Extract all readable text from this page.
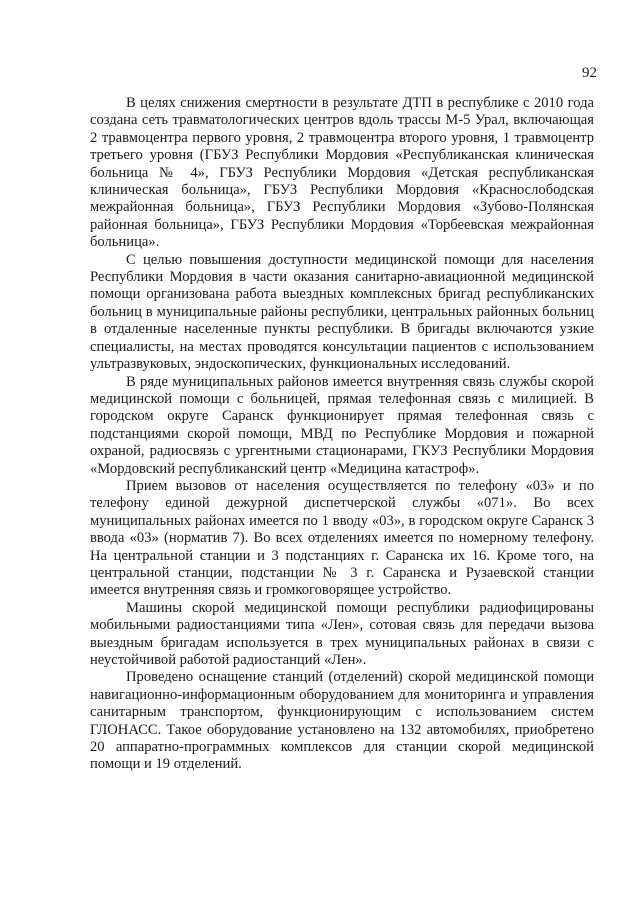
92

В целях снижения смертности в результате ДТП в республике с 2010 года создана сеть травматологических центров вдоль трассы М-5 Урал, включающая 2 травмоцентра первого уровня, 2 травмоцентра второго уровня, 1 травмоцентр третьего уровня (ГБУЗ Республики Мордовия «Республиканская клиническая больница № 4», ГБУЗ Республики Мордовия «Детская республиканская клиническая больница», ГБУЗ Республики Мордовия «Краснослободская межрайонная больница», ГБУЗ Республики Мордовия «Зубово-Полянская районная больница», ГБУЗ Республики Мордовия «Торбеевская межрайонная больница».

С целью повышения доступности медицинской помощи для населения Республики Мордовия в части оказания санитарно-авиационной медицинской помощи организована работа выездных комплексных бригад республиканских больниц в муниципальные районы республики, центральных районных больниц в отдаленные населенные пункты республики. В бригады включаются узкие специалисты, на местах проводятся консультации пациентов с использованием ультразвуковых, эндоскопических, функциональных исследований.

В ряде муниципальных районов имеется внутренняя связь службы скорой медицинской помощи с больницей, прямая телефонная связь с милицией. В городском округе Саранск функционирует прямая телефонная связь с подстанциями скорой помощи, МВД по Республике Мордовия и пожарной охраной, радиосвязь с ургентными стационарами, ГКУЗ Республики Мордовия «Мордовский республиканский центр «Медицина катастроф».

Прием вызовов от населения осуществляется по телефону «03» и по телефону единой дежурной диспетчерской службы «071». Во всех муниципальных районах имеется по 1 вводу «03», в городском округе Саранск 3 ввода «03» (норматив 7). Во всех отделениях имеется по номерному телефону. На центральной станции и 3 подстанциях г. Саранска их 16. Кроме того, на центральной станции, подстанции № 3 г. Саранска и Рузаевской станции имеется внутренняя связь и громкоговорящее устройство.

Машины скорой медицинской помощи республики радиофицированы мобильными радиостанциями типа «Лен», сотовая связь для передачи вызова выездным бригадам используется в трех муниципальных районах в связи с неустойчивой работой радиостанций «Лен».

Проведено оснащение станций (отделений) скорой медицинской помощи навигационно-информационным оборудованием для мониторинга и управления санитарным транспортом, функционирующим с использованием систем ГЛОНАСС. Такое оборудование установлено на 132 автомобилях, приобретено 20 аппаратно-программных комплексов для станции скорой медицинской помощи и 19 отделений.
